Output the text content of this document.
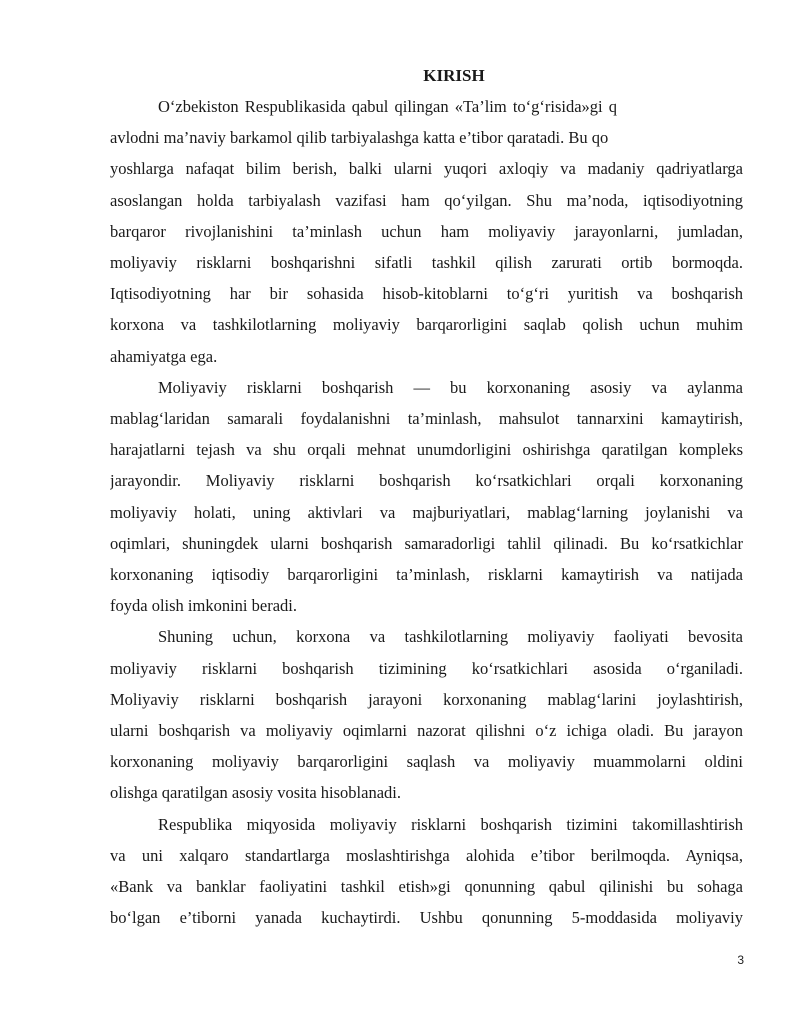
KIRISH

O‘zbekiston Respublikasida qabul qilingan «Ta’lim to‘g‘risida»gi q
avlodni ma’naviy barkamol qilib tarbiyalashga katta e’tibor qaratadi. Bu qo
yoshlarga nafaqat bilim berish, balki ularni yuqori axloqiy va madaniy qadriyatlarga
asoslangan holda tarbiyalash vazifasi ham qo‘yilgan. Shu ma’noda, iqtisodiyotning
barqaror rivojlanishini ta’minlash uchun ham moliyaviy jarayonlarni, jumladan,
moliyaviy risklarni boshqarishni sifatli tashkil qilish zarurati ortib bormoqda.
Iqtisodiyotning har bir sohasida hisob-kitoblarni to‘g‘ri yuritish va boshqarish
korxona va tashkilotlarning moliyaviy barqarorligini saqlab qolish uchun muhim
ahamiyatga ega.

Moliyaviy risklarni boshqarish — bu korxonaning asosiy va aylanma
mablag‘laridan samarali foydalanishni ta’minlash, mahsulot tannarxini kamaytirish,
harajatlarni tejash va shu orqali mehnat unumdorligini oshirishga qaratilgan kompleks
jarayondir. Moliyaviy risklarni boshqarish ko‘rsatkichlari orqali korxonaning
moliyaviy holati, uning aktivlari va majburiyatlari, mablag‘larning joylanishi va
oqimlari, shuningdek ularni boshqarish samaradorligi tahlil qilinadi. Bu ko‘rsatkichlar
korxonaning iqtisodiy barqarorligini ta’minlash, risklarni kamaytirish va natijada
foyda olish imkonini beradi.

Shuning uchun, korxona va tashkilotlarning moliyaviy faoliyati bevosita
moliyaviy risklarni boshqarish tizimining ko‘rsatkichlari asosida o‘rganiladi.
Moliyaviy risklarni boshqarish jarayoni korxonaning mablag‘larini joylashtirish,
ularni boshqarish va moliyaviy oqimlarni nazorat qilishni o‘z ichiga oladi. Bu jarayon
korxonaning moliyaviy barqarorligini saqlash va moliyaviy muammolarni oldini
olishga qaratilgan asosiy vosita hisoblanadi.

Respublika miqyosida moliyaviy risklarni boshqarish tizimini takomillashtirish
va uni xalqaro standartlarga moslashtirishga alohida e’tibor berilmoqda. Ayniqsa,
«Bank va banklar faoliyatini tashkil etish»gi qonunning qabul qilinishi bu sohaga
bo‘lgan e’tiborni yanada kuchaytirdi. Ushbu qonunning 5-moddasida moliyaviy

3
